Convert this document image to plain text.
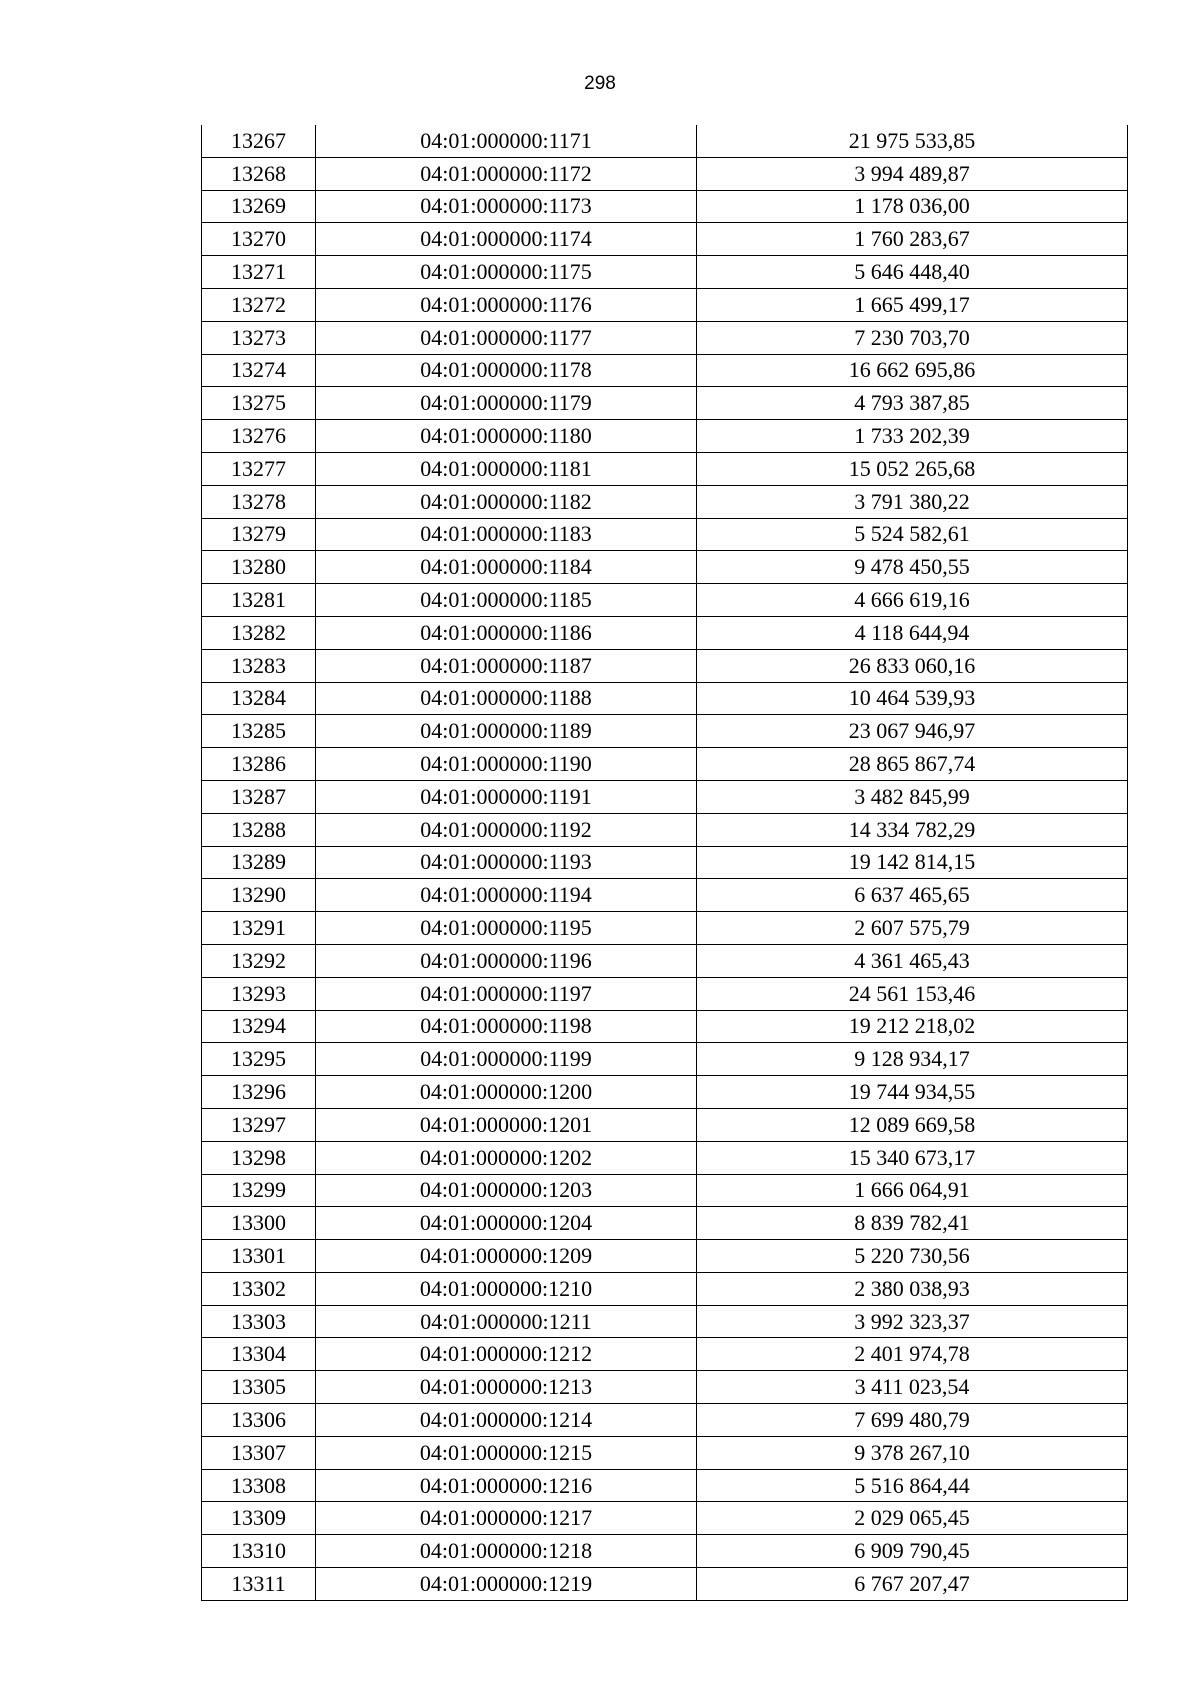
298
13267	04:01:000000:1171	21 975 533,85
13268	04:01:000000:1172	3 994 489,87
13269	04:01:000000:1173	1 178 036,00
13270	04:01:000000:1174	1 760 283,67
13271	04:01:000000:1175	5 646 448,40
13272	04:01:000000:1176	1 665 499,17
13273	04:01:000000:1177	7 230 703,70
13274	04:01:000000:1178	16 662 695,86
13275	04:01:000000:1179	4 793 387,85
13276	04:01:000000:1180	1 733 202,39
13277	04:01:000000:1181	15 052 265,68
13278	04:01:000000:1182	3 791 380,22
13279	04:01:000000:1183	5 524 582,61
13280	04:01:000000:1184	9 478 450,55
13281	04:01:000000:1185	4 666 619,16
13282	04:01:000000:1186	4 118 644,94
13283	04:01:000000:1187	26 833 060,16
13284	04:01:000000:1188	10 464 539,93
13285	04:01:000000:1189	23 067 946,97
13286	04:01:000000:1190	28 865 867,74
13287	04:01:000000:1191	3 482 845,99
13288	04:01:000000:1192	14 334 782,29
13289	04:01:000000:1193	19 142 814,15
13290	04:01:000000:1194	6 637 465,65
13291	04:01:000000:1195	2 607 575,79
13292	04:01:000000:1196	4 361 465,43
13293	04:01:000000:1197	24 561 153,46
13294	04:01:000000:1198	19 212 218,02
13295	04:01:000000:1199	9 128 934,17
13296	04:01:000000:1200	19 744 934,55
13297	04:01:000000:1201	12 089 669,58
13298	04:01:000000:1202	15 340 673,17
13299	04:01:000000:1203	1 666 064,91
13300	04:01:000000:1204	8 839 782,41
13301	04:01:000000:1209	5 220 730,56
13302	04:01:000000:1210	2 380 038,93
13303	04:01:000000:1211	3 992 323,37
13304	04:01:000000:1212	2 401 974,78
13305	04:01:000000:1213	3 411 023,54
13306	04:01:000000:1214	7 699 480,79
13307	04:01:000000:1215	9 378 267,10
13308	04:01:000000:1216	5 516 864,44
13309	04:01:000000:1217	2 029 065,45
13310	04:01:000000:1218	6 909 790,45
13311	04:01:000000:1219	6 767 207,47
